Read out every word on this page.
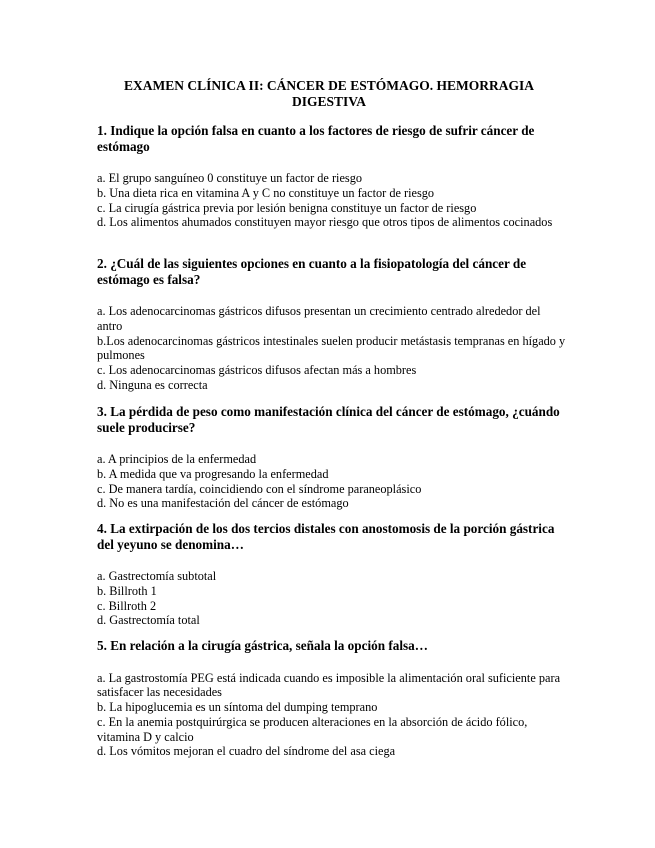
EXAMEN CLÍNICA II: CÁNCER DE ESTÓMAGO. HEMORRAGIA DIGESTIVA

1. Indique la opción falsa en cuanto a los factores de riesgo de sufrir cáncer de estómago

a. El grupo sanguíneo 0 constituye un factor de riesgo
b. Una dieta rica en vitamina A y C no constituye un factor de riesgo
c. La cirugía gástrica previa por lesión benigna constituye un factor de riesgo
d. Los alimentos ahumados constituyen mayor riesgo que otros tipos de alimentos cocinados

2. ¿Cuál de las siguientes opciones en cuanto a la fisiopatología del cáncer de estómago es falsa?

a. Los adenocarcinomas gástricos difusos presentan un crecimiento centrado alrededor del antro
b.Los adenocarcinomas gástricos intestinales suelen producir metástasis tempranas en hígado y pulmones
c. Los adenocarcinomas gástricos difusos afectan más a hombres
d. Ninguna es correcta

3. La pérdida de peso como manifestación clínica del cáncer de estómago, ¿cuándo suele producirse?

a. A principios de la enfermedad
b. A medida que va progresando la enfermedad
c. De manera tardía, coincidiendo con el síndrome paraneoplásico
d. No es una manifestación del cáncer de estómago

4. La extirpación de los dos tercios distales con anostomosis de la porción gástrica del yeyuno se denomina…

a. Gastrectomía subtotal
b. Billroth 1
c. Billroth 2
d. Gastrectomía total

5. En relación a la cirugía gástrica, señala la opción falsa…

a. La gastrostomía PEG está indicada cuando es imposible la alimentación oral suficiente para satisfacer las necesidades
b. La hipoglucemia es un síntoma del dumping temprano
c. En la anemia postquirúrgica se producen alteraciones en la absorción de ácido fólico, vitamina D y calcio
d. Los vómitos mejoran el cuadro del síndrome del asa ciega
